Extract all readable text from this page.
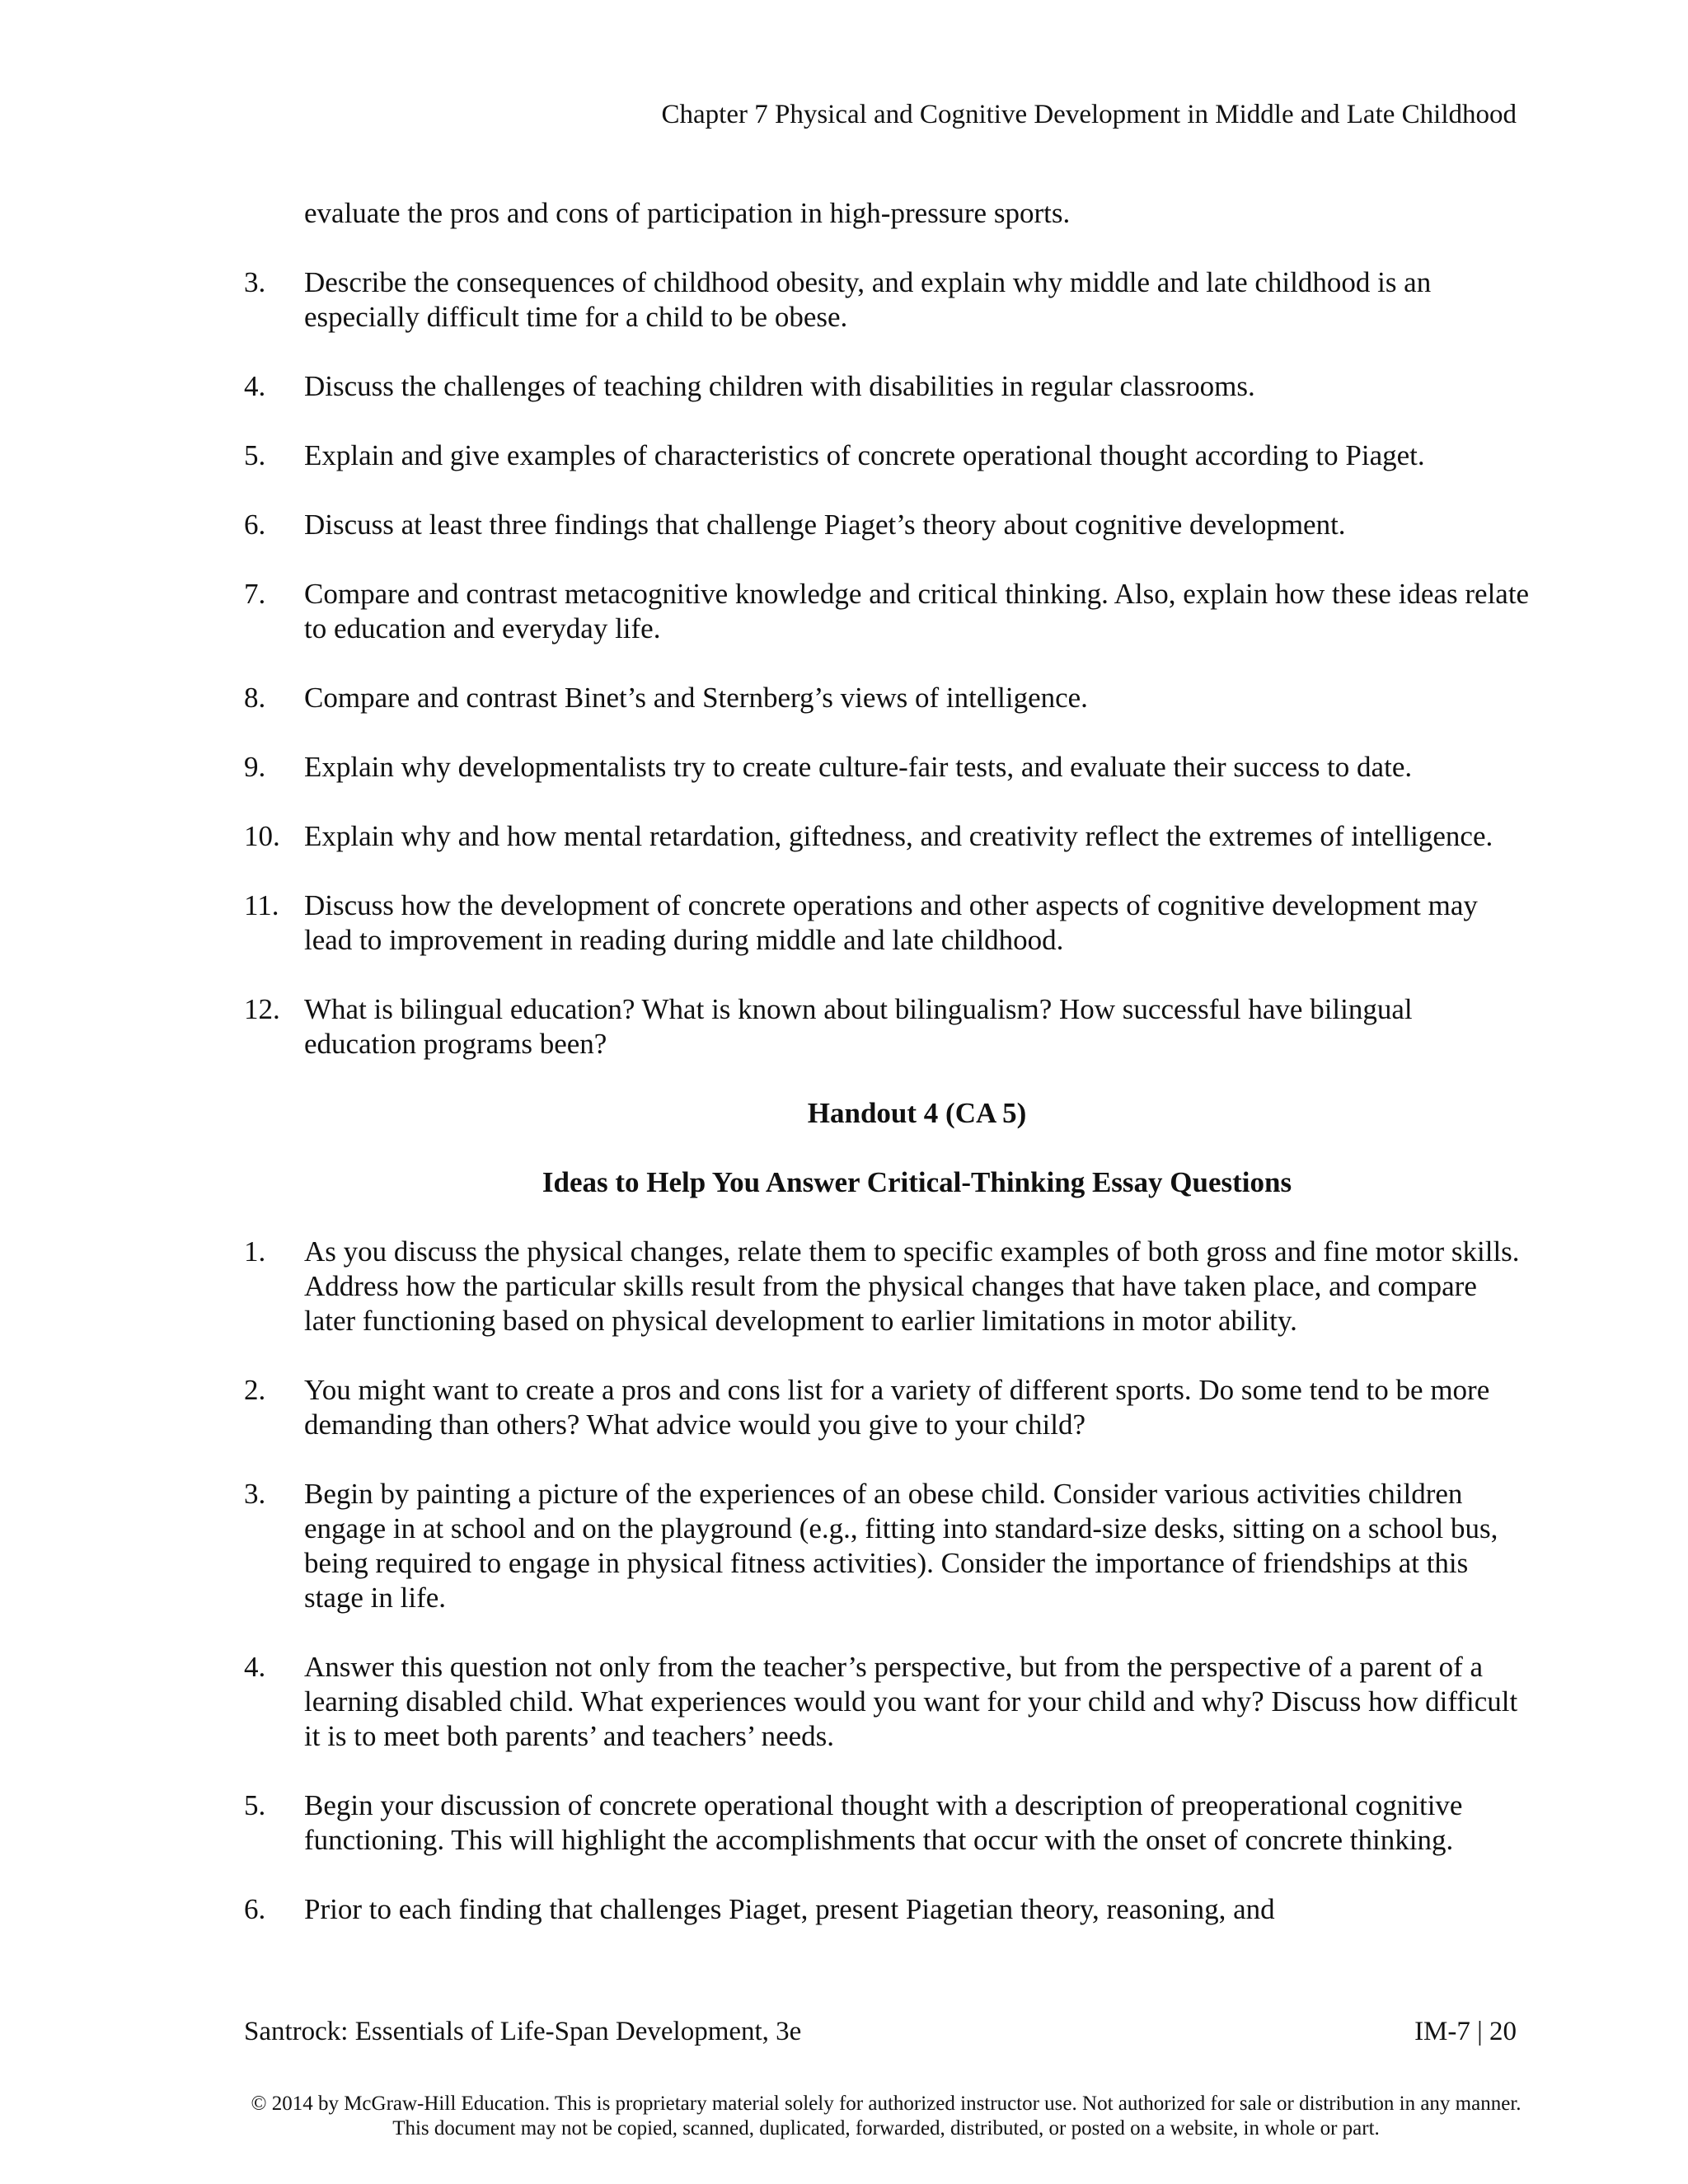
Chapter 7 Physical and Cognitive Development in Middle and Late Childhood

evaluate the pros and cons of participation in high-pressure sports.

3.	Describe the consequences of childhood obesity, and explain why middle and late childhood is an especially difficult time for a child to be obese.
4.	Discuss the challenges of teaching children with disabilities in regular classrooms.
5.	Explain and give examples of characteristics of concrete operational thought according to Piaget.
6.	Discuss at least three findings that challenge Piaget’s theory about cognitive development.
7.	Compare and contrast metacognitive knowledge and critical thinking. Also, explain how these ideas relate to education and everyday life.
8.	Compare and contrast Binet’s and Sternberg’s views of intelligence.
9.	Explain why developmentalists try to create culture-fair tests, and evaluate their success to date.
10. Explain why and how mental retardation, giftedness, and creativity reflect the extremes of intelligence.
11. Discuss how the development of concrete operations and other aspects of cognitive development may lead to improvement in reading during middle and late childhood.
12. What is bilingual education? What is known about bilingualism? How successful have bilingual education programs been?
Handout 4 (CA 5)
Ideas to Help You Answer Critical-Thinking Essay Questions
1.	As you discuss the physical changes, relate them to specific examples of both gross and fine motor skills. Address how the particular skills result from the physical changes that have taken place, and compare later functioning based on physical development to earlier limitations in motor ability.
2.	You might want to create a pros and cons list for a variety of different sports. Do some tend to be more demanding than others? What advice would you give to your child?
3.	Begin by painting a picture of the experiences of an obese child. Consider various activities children engage in at school and on the playground (e.g., fitting into standard-size desks, sitting on a school bus, being required to engage in physical fitness activities). Consider the importance of friendships at this stage in life.
4.	Answer this question not only from the teacher’s perspective, but from the perspective of a parent of a learning disabled child. What experiences would you want for your child and why? Discuss how difficult it is to meet both parents’ and teachers’ needs.
5.	Begin your discussion of concrete operational thought with a description of preoperational cognitive functioning. This will highlight the accomplishments that occur with the onset of concrete thinking.
6.	Prior to each finding that challenges Piaget, present Piagetian theory, reasoning, and
Santrock: Essentials of Life-Span Development, 3e	IM-7 | 20
© 2014 by McGraw-Hill Education. This is proprietary material solely for authorized instructor use. Not authorized for sale or distribution in any manner. This document may not be copied, scanned, duplicated, forwarded, distributed, or posted on a website, in whole or part.
